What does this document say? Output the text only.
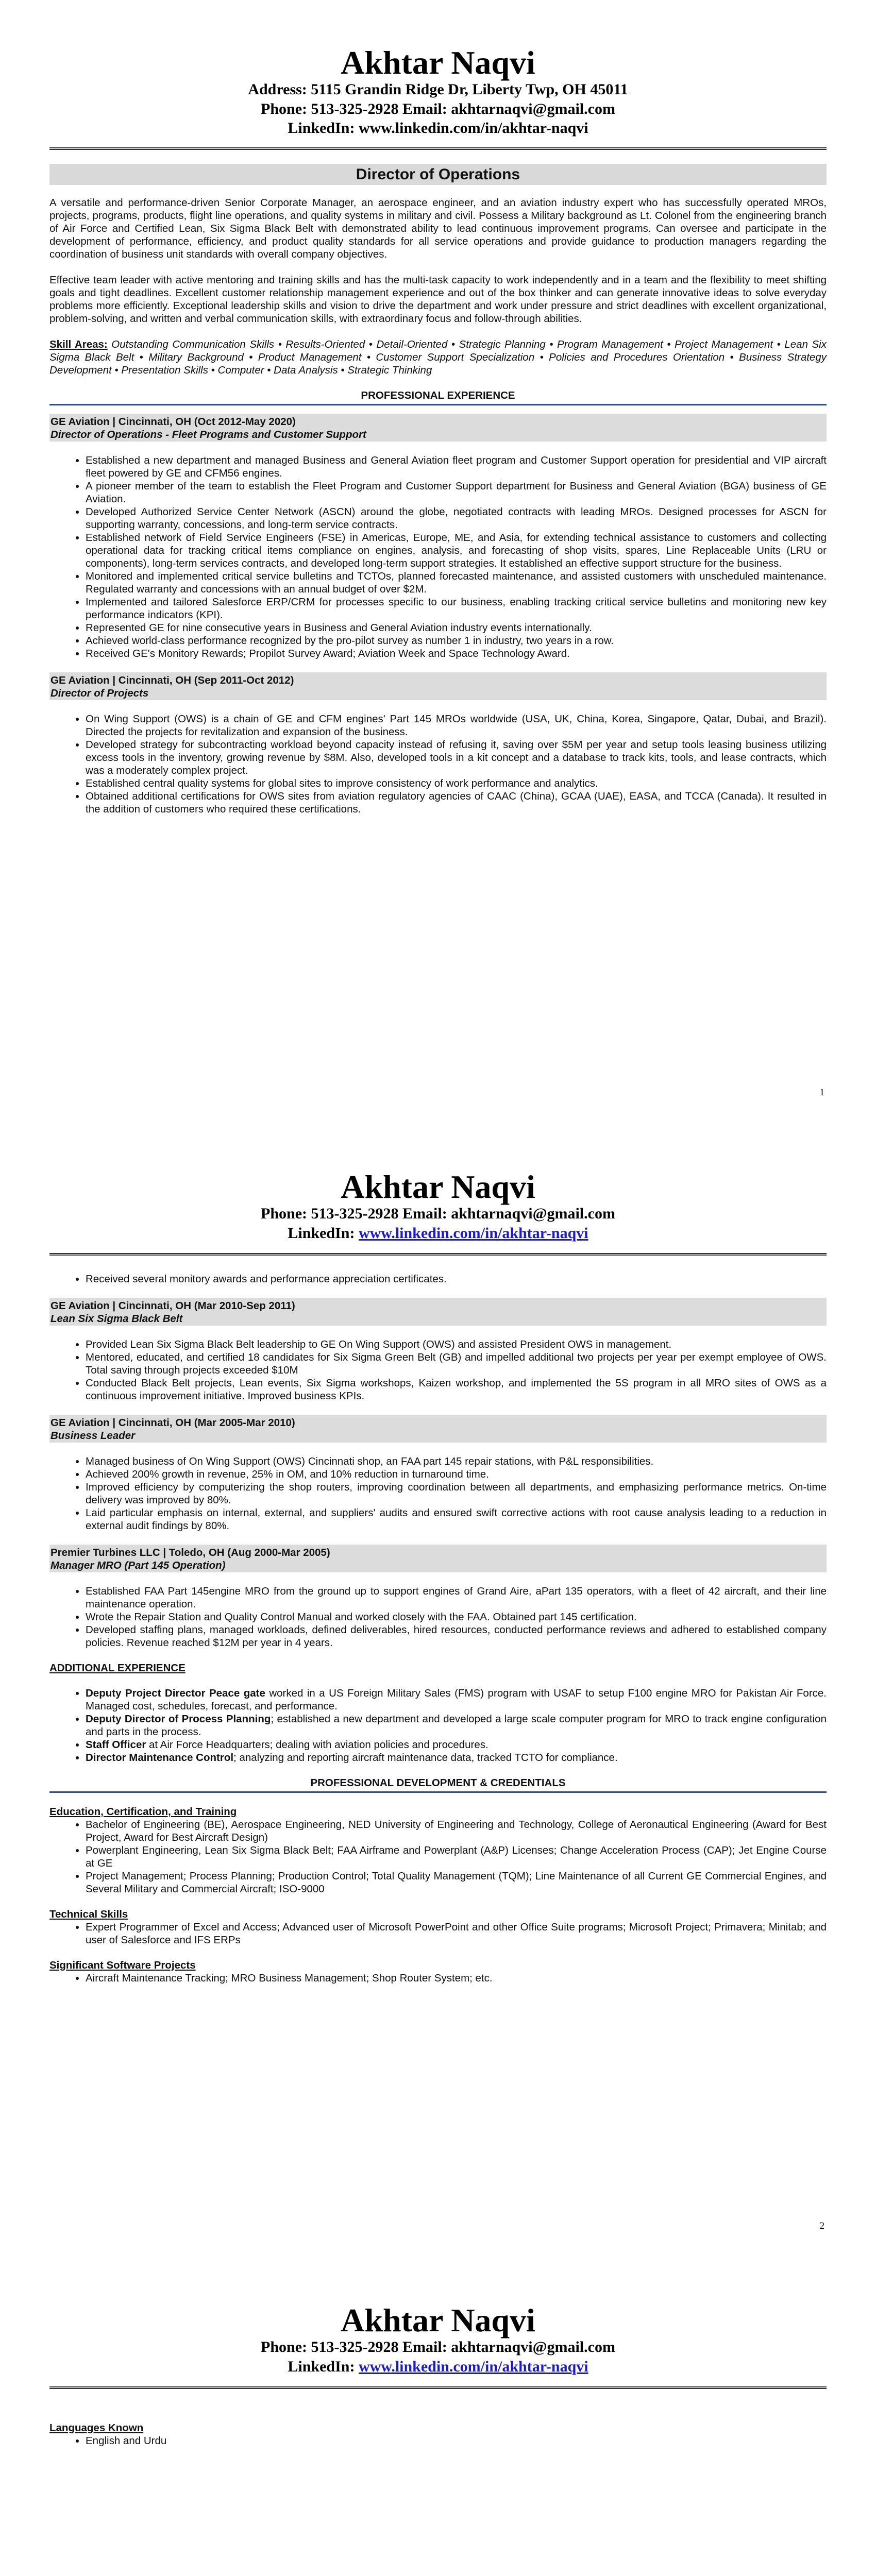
Akhtar Naqvi
Address: 5115 Grandin Ridge Dr, Liberty Twp, OH 45011
Phone: 513-325-2928 Email: akhtarnaqvi@gmail.com
LinkedIn: www.linkedin.com/in/akhtar-naqvi
Director of Operations

A versatile and performance-driven Senior Corporate Manager, an aerospace engineer, and an aviation industry expert who has successfully operated MROs, projects, programs, products, flight line operations, and quality systems in military and civil. Possess a Military background as Lt. Colonel from the engineering branch of Air Force and Certified Lean, Six Sigma Black Belt with demonstrated ability to lead continuous improvement programs. Can oversee and participate in the development of performance, efficiency, and product quality standards for all service operations and provide guidance to production managers regarding the coordination of business unit standards with overall company objectives.

Effective team leader with active mentoring and training skills and has the multi-task capacity to work independently and in a team and the flexibility to meet shifting goals and tight deadlines. Excellent customer relationship management experience and out of the box thinker and can generate innovative ideas to solve everyday problems more efficiently. Exceptional leadership skills and vision to drive the department and work under pressure and strict deadlines with excellent organizational, problem-solving, and written and verbal communication skills, with extraordinary focus and follow-through abilities.

Skill Areas: Outstanding Communication Skills • Results-Oriented • Detail-Oriented • Strategic Planning • Program Management • Project Management • Lean Six Sigma Black Belt • Military Background • Product Management • Customer Support Specialization • Policies and Procedures Orientation • Business Strategy Development • Presentation Skills • Computer • Data Analysis • Strategic Thinking

PROFESSIONAL EXPERIENCE

GE Aviation | Cincinnati, OH (Oct 2012-May 2020)
Director of Operations - Fleet Programs and Customer Support
• Established a new department and managed Business and General Aviation fleet program and Customer Support operation for presidential and VIP aircraft fleet powered by GE and CFM56 engines.
• A pioneer member of the team to establish the Fleet Program and Customer Support department for Business and General Aviation (BGA) business of GE Aviation.
• Developed Authorized Service Center Network (ASCN) around the globe, negotiated contracts with leading MROs. Designed processes for ASCN for supporting warranty, concessions, and long-term service contracts.
• Established network of Field Service Engineers (FSE) in Americas, Europe, ME, and Asia, for extending technical assistance to customers and collecting operational data for tracking critical items compliance on engines, analysis, and forecasting of shop visits, spares, Line Replaceable Units (LRU or components), long-term services contracts, and developed long-term support strategies. It established an effective support structure for the business.
• Monitored and implemented critical service bulletins and TCTOs, planned forecasted maintenance, and assisted customers with unscheduled maintenance. Regulated warranty and concessions with an annual budget of over $2M.
• Implemented and tailored Salesforce ERP/CRM for processes specific to our business, enabling tracking critical service bulletins and monitoring new key performance indicators (KPI).
• Represented GE for nine consecutive years in Business and General Aviation industry events internationally.
• Achieved world-class performance recognized by the pro-pilot survey as number 1 in industry, two years in a row.
• Received GE's Monitory Rewards; Propilot Survey Award; Aviation Week and Space Technology Award.
GE Aviation | Cincinnati, OH (Sep 2011-Oct 2012)
Director of Projects
• On Wing Support (OWS) is a chain of GE and CFM engines' Part 145 MROs worldwide (USA, UK, China, Korea, Singapore, Qatar, Dubai, and Brazil). Directed the projects for revitalization and expansion of the business.
• Developed strategy for subcontracting workload beyond capacity instead of refusing it, saving over $5M per year and setup tools leasing business utilizing excess tools in the inventory, growing revenue by $8M. Also, developed tools in a kit concept and a database to track kits, tools, and lease contracts, which was a moderately complex project.
• Established central quality systems for global sites to improve consistency of work performance and analytics.
• Obtained additional certifications for OWS sites from aviation regulatory agencies of CAAC (China), GCAA (UAE), EASA, and TCCA (Canada). It resulted in the addition of customers who required these certifications.
1
Akhtar Naqvi
Phone: 513-325-2928 Email: akhtarnaqvi@gmail.com
LinkedIn: www.linkedin.com/in/akhtar-naqvi
• Received several monitory awards and performance appreciation certificates.
GE Aviation | Cincinnati, OH (Mar 2010-Sep 2011)
Lean Six Sigma Black Belt
• Provided Lean Six Sigma Black Belt leadership to GE On Wing Support (OWS) and assisted President OWS in management.
• Mentored, educated, and certified 18 candidates for Six Sigma Green Belt (GB) and impelled additional two projects per year per exempt employee of OWS. Total saving through projects exceeded $10M
• Conducted Black Belt projects, Lean events, Six Sigma workshops, Kaizen workshop, and implemented the 5S program in all MRO sites of OWS as a continuous improvement initiative. Improved business KPIs.
GE Aviation | Cincinnati, OH (Mar 2005-Mar 2010)
Business Leader
• Managed business of On Wing Support (OWS) Cincinnati shop, an FAA part 145 repair stations, with P&L responsibilities.
• Achieved 200% growth in revenue, 25% in OM, and 10% reduction in turnaround time.
• Improved efficiency by computerizing the shop routers, improving coordination between all departments, and emphasizing performance metrics. On-time delivery was improved by 80%.
• Laid particular emphasis on internal, external, and suppliers' audits and ensured swift corrective actions with root cause analysis leading to a reduction in external audit findings by 80%.
Premier Turbines LLC | Toledo, OH (Aug 2000-Mar 2005)
Manager MRO (Part 145 Operation)
• Established FAA Part 145engine MRO from the ground up to support engines of Grand Aire, aPart 135 operators, with a fleet of 42 aircraft, and their line maintenance operation.
• Wrote the Repair Station and Quality Control Manual and worked closely with the FAA. Obtained part 145 certification.
• Developed staffing plans, managed workloads, defined deliverables, hired resources, conducted performance reviews and adhered to established company policies. Revenue reached $12M per year in 4 years.

ADDITIONAL EXPERIENCE

• Deputy Project Director Peace gate worked in a US Foreign Military Sales (FMS) program with USAF to setup F100 engine MRO for Pakistan Air Force. Managed cost, schedules, forecast, and performance.
• Deputy Director of Process Planning; established a new department and developed a large scale computer program for MRO to track engine configuration and parts in the process.
• Staff Officer at Air Force Headquarters; dealing with aviation policies and procedures.
• Director Maintenance Control; analyzing and reporting aircraft maintenance data, tracked TCTO for compliance.

PROFESSIONAL DEVELOPMENT & CREDENTIALS

Education, Certification, and Training

• Bachelor of Engineering (BE), Aerospace Engineering, NED University of Engineering and Technology, College of Aeronautical Engineering (Award for Best Project, Award for Best Aircraft Design)
• Powerplant Engineering, Lean Six Sigma Black Belt; FAA Airframe and Powerplant (A&P) Licenses; Change Acceleration Process (CAP); Jet Engine Course at GE
• Project Management; Process Planning; Production Control; Total Quality Management (TQM); Line Maintenance of all Current GE Commercial Engines, and Several Military and Commercial Aircraft; ISO-9000

Technical Skills

• Expert Programmer of Excel and Access; Advanced user of Microsoft PowerPoint and other Office Suite programs; Microsoft Project; Primavera; Minitab; and user of Salesforce and IFS ERPs

Significant Software Projects

• Aircraft Maintenance Tracking; MRO Business Management; Shop Router System; etc.
2
Akhtar Naqvi
Phone: 513-325-2928 Email: akhtarnaqvi@gmail.com
LinkedIn: www.linkedin.com/in/akhtar-naqvi

Languages Known

• English and Urdu
